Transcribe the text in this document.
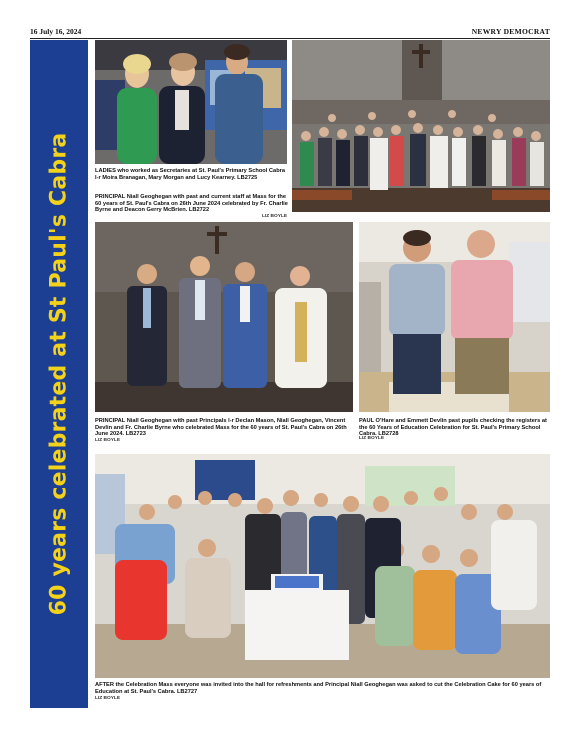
16 July 16, 2024	NEWRY DEMOCRAT
60 years celebrated at St Paul's Cabra	LADIES who worked as Secretaries at St. Paul's Primary School Cabra l-r Moira Branagan, Mary Morgan and Lucy Kearney. LB2725
PRINCIPAL Niall Geoghegan with past and current staff at Mass for the 60 years of St. Paul's Cabra on 26th June 2024 celebrated by Fr. Charlie Byrne and Deacon Gerry McBrien. LB2722
LIZ BOYLE
PRINCIPAL Niall Geoghegan with past Principals l-r Declan Mason, Niall Geoghegan, Vincent Devlin and Fr. Charlie Byrne who celebrated Mass for the 60 years of St. Paul's Cabra on 26th June 2024. LB2723
LIZ BOYLE
PAUL O'Hare and Emmett Devlin past pupils checking the registers at the 60 Years of Education Celebration for St. Paul's Primary School Cabra. LB2728
LIZ BOYLE
AFTER the Celebration Mass everyone was invited into the hall for refreshments and Principal Niall Geoghegan was asked to cut the Celebration Cake for 60 years of Education at St. Paul's Cabra. LB2727
LIZ BOYLE
